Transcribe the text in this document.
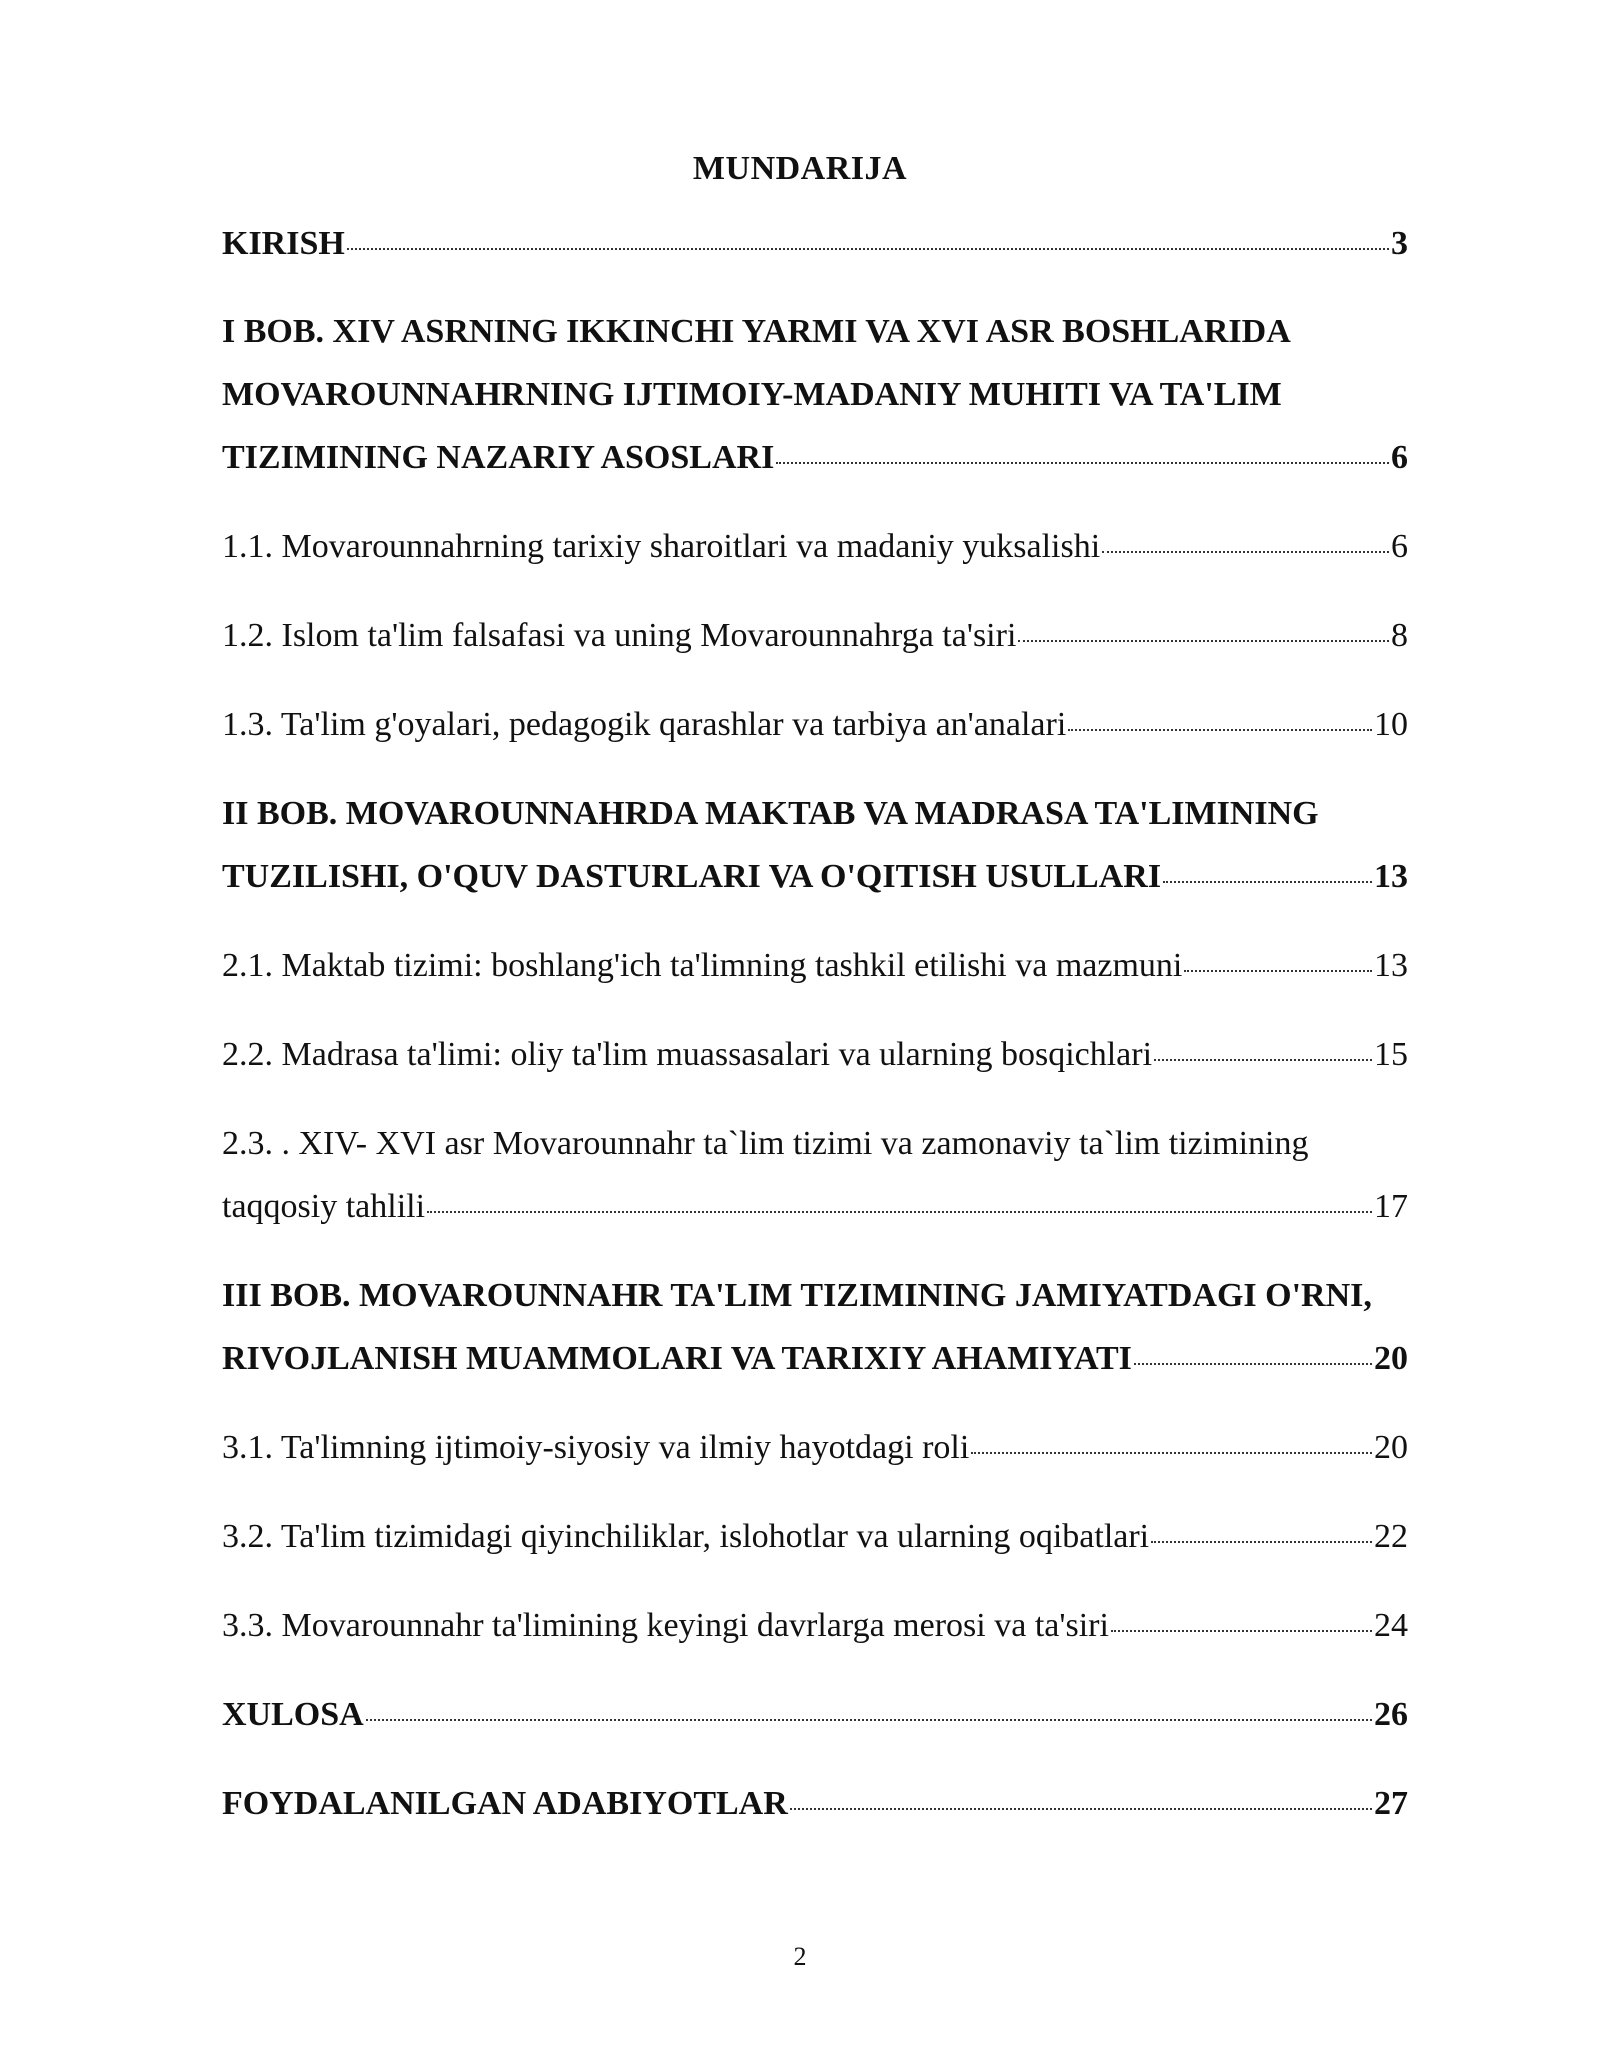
MUNDARIJA
KIRISH	3
I BOB. XIV ASRNING IKKINCHI YARMI VA XVI ASR BOSHLARIDA
MOVAROUNNAHRNING IJTIMOIY-MADANIY MUHITI VA TA'LIM
TIZIMINING NAZARIY ASOSLARI	6
1.1. Movarounnahrning tarixiy sharoitlari va madaniy yuksalishi	6
1.2. Islom ta'lim falsafasi va uning Movarounnahrga ta'siri	8
1.3. Ta'lim g'oyalari, pedagogik qarashlar va tarbiya an'analari	10
II BOB. MOVAROUNNAHRDA MAKTAB VA MADRASA TA'LIMINING
TUZILISHI, O'QUV DASTURLARI VA O'QITISH USULLARI	13
2.1. Maktab tizimi: boshlang'ich ta'limning tashkil etilishi va mazmuni	13
2.2. Madrasa ta'limi: oliy ta'lim muassasalari va ularning bosqichlari	15
2.3. . XIV- XVI asr Movarounnahr ta`lim tizimi va zamonaviy ta`lim tizimining
taqqosiy tahlili	17
III BOB. MOVAROUNNAHR TA'LIM TIZIMINING JAMIYATDAGI O'RNI,
RIVOJLANISH MUAMMOLARI VA TARIXIY AHAMIYATI	20
3.1. Ta'limning ijtimoiy-siyosiy va ilmiy hayotdagi roli	20
3.2. Ta'lim tizimidagi qiyinchiliklar, islohotlar va ularning oqibatlari	22
3.3. Movarounnahr ta'limining keyingi davrlarga merosi va ta'siri	24
XULOSA	26
FOYDALANILGAN ADABIYOTLAR	27
2
